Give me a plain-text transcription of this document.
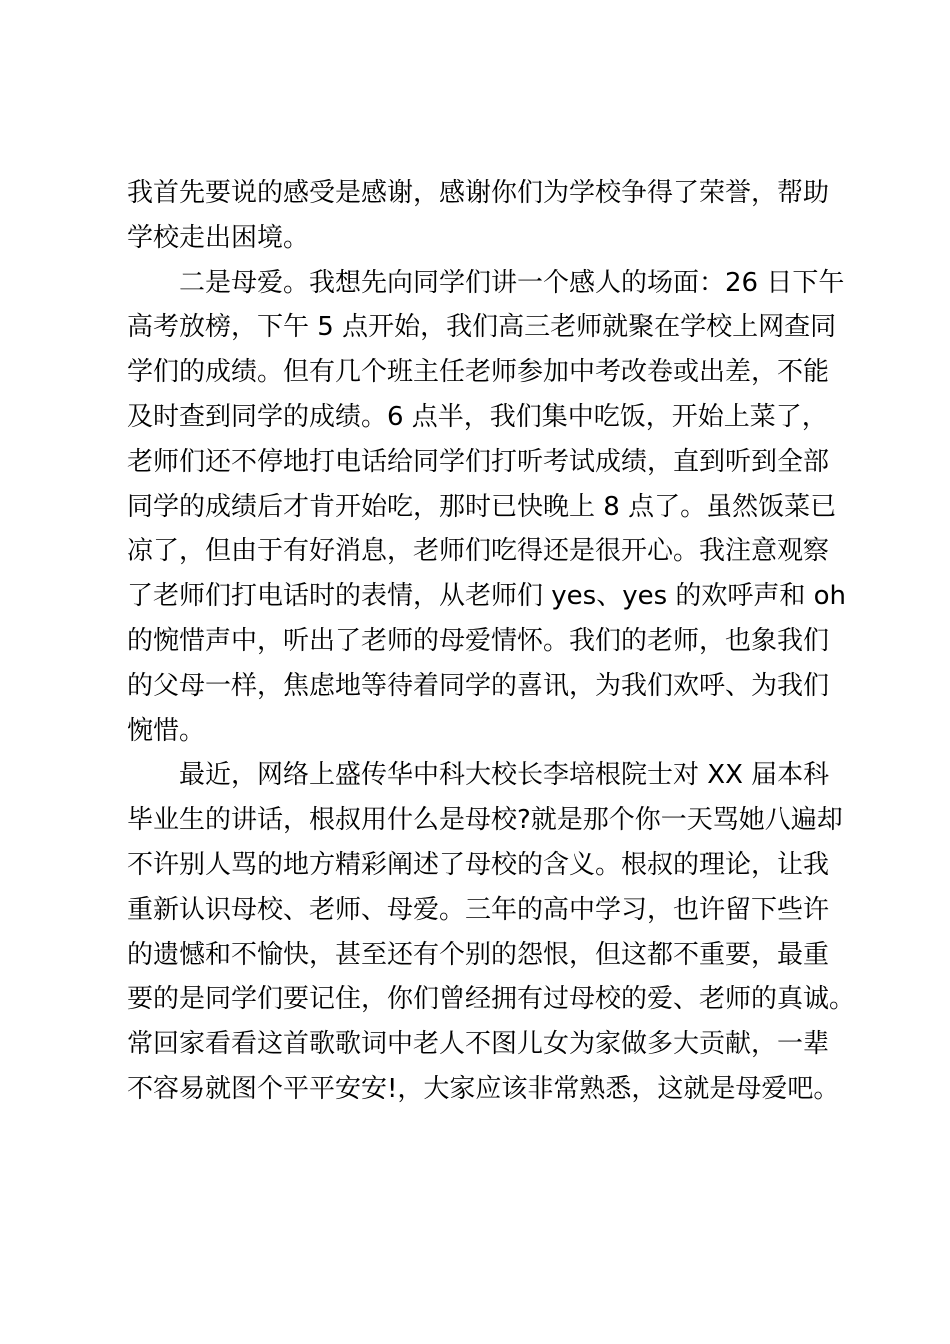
我首先要说的感受是感谢，感谢你们为学校争得了荣誉，帮助
学校走出困境。
二是母爱。我想先向同学们讲一个感人的场面：26 日下午
高考放榜，下午 5 点开始，我们高三老师就聚在学校上网查同
学们的成绩。但有几个班主任老师参加中考改卷或出差，不能
及时查到同学的成绩。6 点半，我们集中吃饭，开始上菜了，
老师们还不停地打电话给同学们打听考试成绩，直到听到全部
同学的成绩后才肯开始吃，那时已快晚上 8 点了。虽然饭菜已
凉了，但由于有好消息，老师们吃得还是很开心。我注意观察
了老师们打电话时的表情，从老师们 yes、yes 的欢呼声和 oh
的惋惜声中，听出了老师的母爱情怀。我们的老师，也象我们
的父母一样，焦虑地等待着同学的喜讯，为我们欢呼、为我们
惋惜。
最近，网络上盛传华中科大校长李培根院士对 XX 届本科
毕业生的讲话，根叔用什么是母校?就是那个你一天骂她八遍却
不许别人骂的地方精彩阐述了母校的含义。根叔的理论，让我
重新认识母校、老师、母爱。三年的高中学习，也许留下些许
的遗憾和不愉快，甚至还有个别的怨恨，但这都不重要，最重
要的是同学们要记住，你们曾经拥有过母校的爱、老师的真诚。
常回家看看这首歌歌词中老人不图儿女为家做多大贡献，一辈
不容易就图个平平安安!，大家应该非常熟悉，这就是母爱吧。
